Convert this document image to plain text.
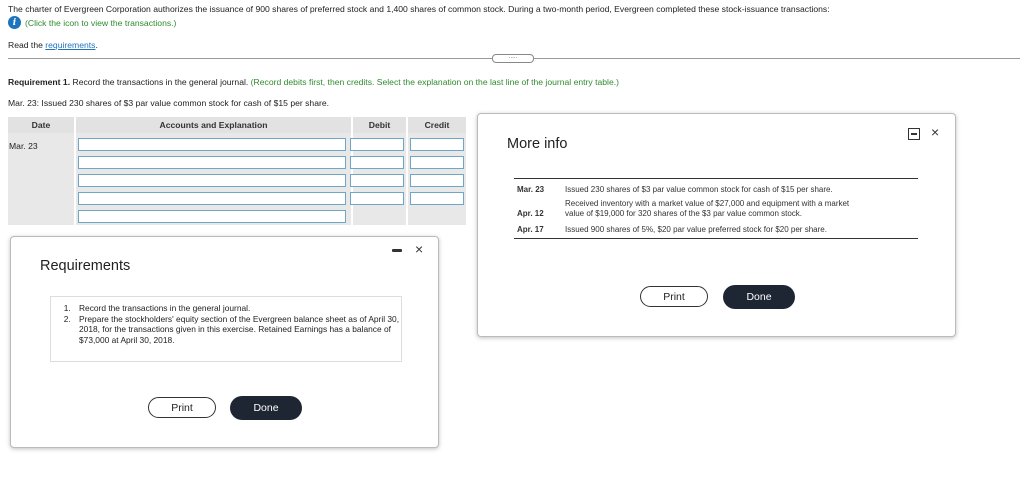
The charter of Evergreen Corporation authorizes the issuance of 900 shares of preferred stock and 1,400 shares of common stock. During a two-month period, Evergreen completed these stock-issuance transactions:
i	(Click the icon to view the transactions.)
Read the requirements.
.....
Requirement 1. Record the transactions in the general journal. (Record debits first, then credits. Select the explanation on the last line of the journal entry table.)
Mar. 23: Issued 230 shares of $3 par value common stock for cash of $15 per share.
Date	Accounts and Explanation	Debit	Credit
Mar. 23
×
Requirements
1. Record the transactions in the general journal.
2. Prepare the stockholders' equity section of the Evergreen balance sheet as of April 30, 2018, for the transactions given in this exercise. Retained Earnings has a balance of $73,000 at April 30, 2018.
Print	Done
×
More info
Mar. 23	Issued 230 shares of $3 par value common stock for cash of $15 per share.
Received inventory with a market value of $27,000 and equipment with a market
Apr. 12	value of $19,000 for 320 shares of the $3 par value common stock.
Apr. 17	Issued 900 shares of 5%, $20 par value preferred stock for $20 per share.
Print	Done
